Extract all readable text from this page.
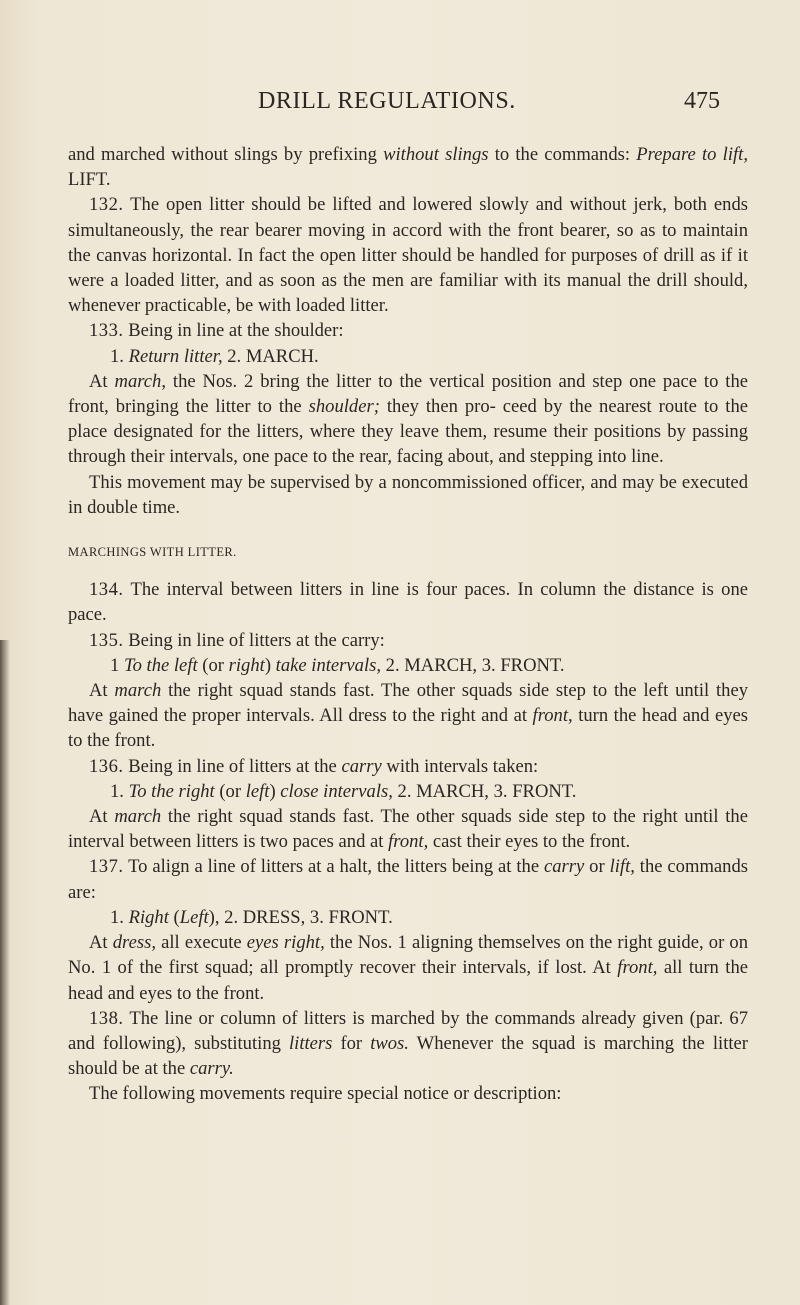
DRILL REGULATIONS.	475

and marched without slings by prefixing without slings to the commands: Prepare to lift, LIFT.

132. The open litter should be lifted and lowered slowly and without jerk, both ends simultaneously, the rear bearer moving in accord with the front bearer, so as to maintain the canvas horizontal. In fact the open litter should be handled for purposes of drill as if it were a loaded litter, and as soon as the men are familiar with its manual the drill should, whenever practicable, be with loaded litter.

133. Being in line at the shoulder:

1. Return litter, 2. MARCH.

At march, the Nos. 2 bring the litter to the vertical position and step one pace to the front, bringing the litter to the shoulder; they then pro- ceed by the nearest route to the place designated for the litters, where they leave them, resume their positions by passing through their intervals, one pace to the rear, facing about, and stepping into line.

This movement may be supervised by a noncommissioned officer, and may be executed in double time.

MARCHINGS WITH LITTER.

134. The interval between litters in line is four paces. In column the distance is one pace.

135. Being in line of litters at the carry:

1 To the left (or right) take intervals, 2. MARCH, 3. FRONT.

At march the right squad stands fast. The other squads side step to the left until they have gained the proper intervals. All dress to the right and at front, turn the head and eyes to the front.

136. Being in line of litters at the carry with intervals taken:

1. To the right (or left) close intervals, 2. MARCH, 3. FRONT.

At march the right squad stands fast. The other squads side step to the right until the interval between litters is two paces and at front, cast their eyes to the front.

137. To align a line of litters at a halt, the litters being at the carry or lift, the commands are:

1. Right (Left), 2. DRESS, 3. FRONT.

At dress, all execute eyes right, the Nos. 1 aligning themselves on the right guide, or on No. 1 of the first squad; all promptly recover their intervals, if lost. At front, all turn the head and eyes to the front.

138. The line or column of litters is marched by the commands already given (par. 67 and following), substituting litters for twos. Whenever the squad is marching the litter should be at the carry.

The following movements require special notice or description:
